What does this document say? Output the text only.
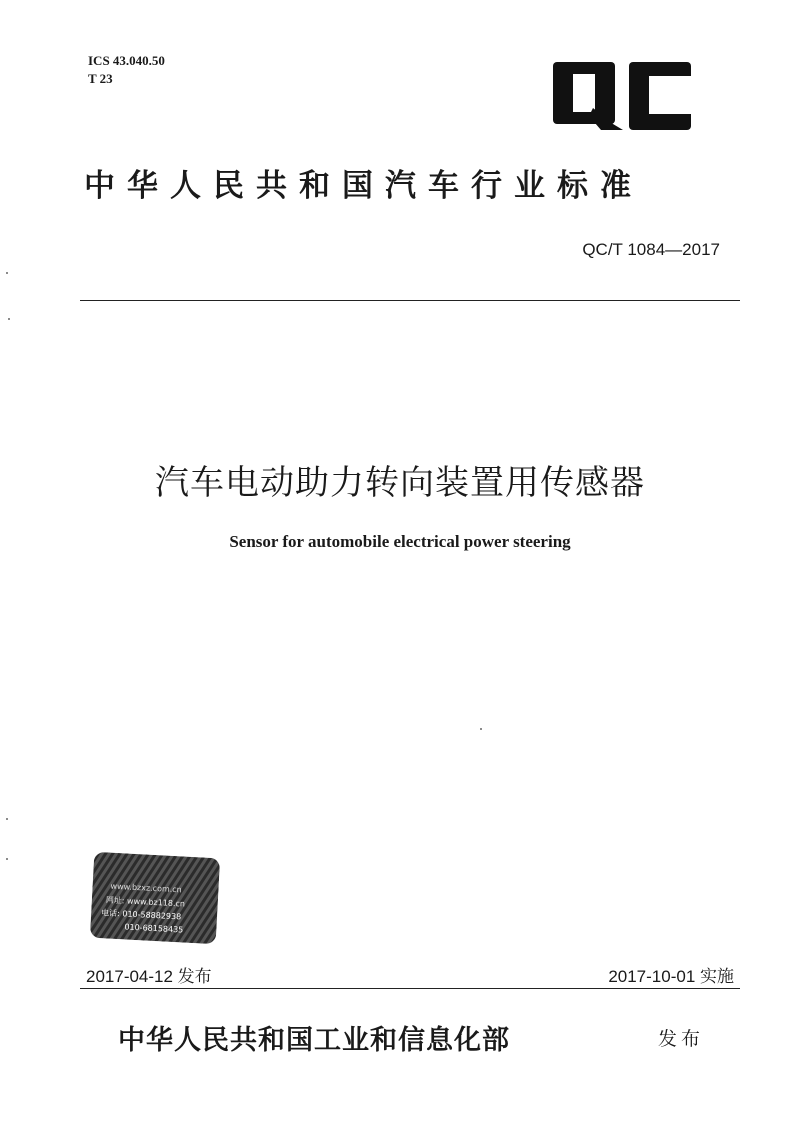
ICS 43.040.50
T 23
中华人民共和国汽车行业标准
QC/T 1084—2017
汽车电动助力转向装置用传感器
Sensor for automobile electrical power steering
www.bzxz.com.cn
网址: www.bz118.cn
电话: 010-58882938
010-68158435
2017-04-12 发布	2017-10-01 实施
中华人民共和国工业和信息化部	发布
